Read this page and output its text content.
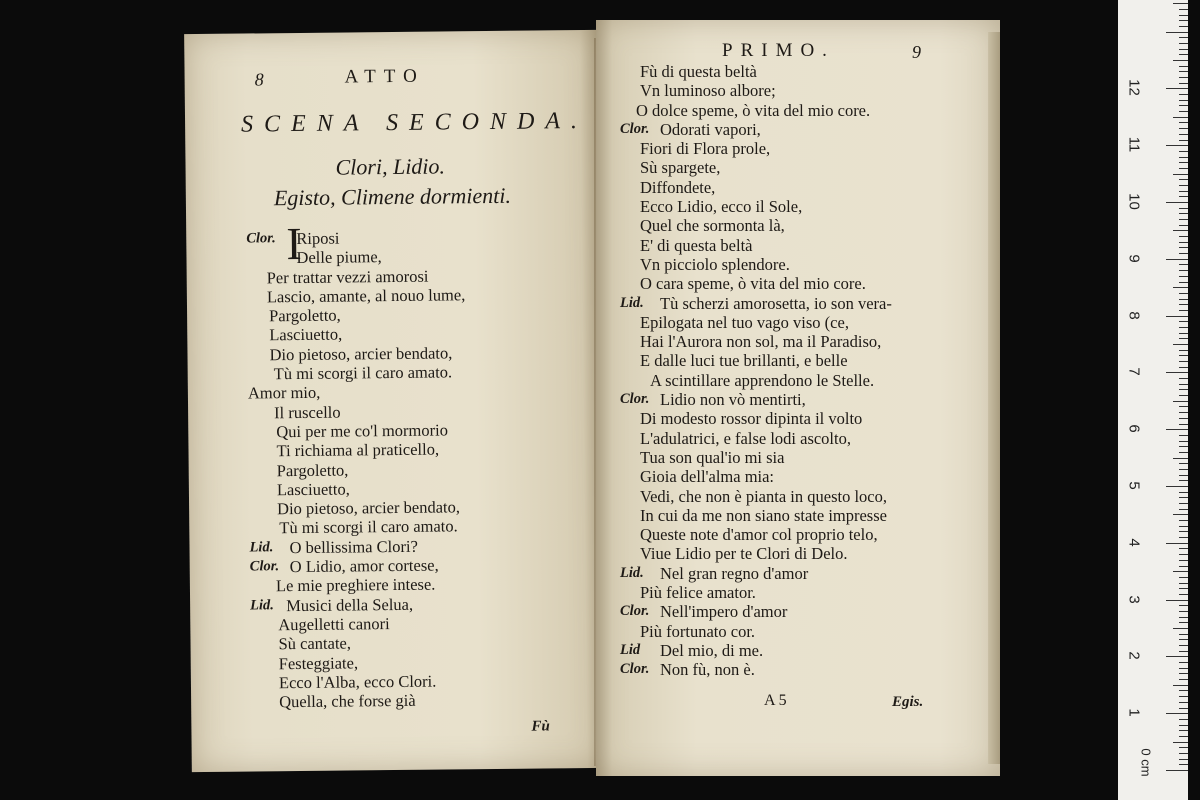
8	ATTO
SCENA SECONDA.
Clori, Lidio.
Egisto, Climene dormienti.
I
Clor. Riposi
Delle piume,
Per trattar vezzi amorosi
Lascio, amante, al nouo lume,
Pargoletto,
Lasciuetto,
Dio pietoso, arcier bendato,
Tù mi scorgi il caro amato.
Amor mio,
Il ruscello
Qui per me co'l mormorio
Ti richiama al praticello,
Pargoletto,
Lasciuetto,
Dio pietoso, arcier bendato,
Tù mi scorgi il caro amato.
Lid. O bellissima Clori?
Clor. O Lidio, amor cortese,
Le mie preghiere intese.
Lid. Musici della Selua,
Augelletti canori
Sù cantate,
Festeggiate,
Ecco l'Alba, ecco Clori.
Quella, che forse già
Fù
PRIMO.	9
Fù di questa beltà
Vn luminoso albore;
O dolce speme, ò vita del mio core.
Clor. Odorati vapori,
Fiori di Flora prole,
Sù spargete,
Diffondete,
Ecco Lidio, ecco il Sole,
Quel che sormonta là,
E' di questa beltà
Vn picciolo splendore.
O cara speme, ò vita del mio core.
Lid. Tù scherzi amorosetta, io son vera-
Epilogata nel tuo vago viso (ce,
Hai l'Aurora non sol, ma il Paradiso,
E dalle luci tue brillanti, e belle
A scintillare apprendono le Stelle.
Clor. Lidio non vò mentirti,
Di modesto rossor dipinta il volto
L'adulatrici, e false lodi ascolto,
Tua son qual'io mi sia
Gioia dell'alma mia:
Vedi, che non è pianta in questo loco,
In cui da me non siano state impresse
Queste note d'amor col proprio telo,
Viue Lidio per te Clori di Delo.
Lid. Nel gran regno d'amor
Più felice amator.
Clor. Nell'impero d'amor
Più fortunato cor.
Lid Del mio, di me.
Clor. Non fù, non è.
A 5	Egis.
0 cm
1
2
3
4
5
6
7
8
9
10
11
12
